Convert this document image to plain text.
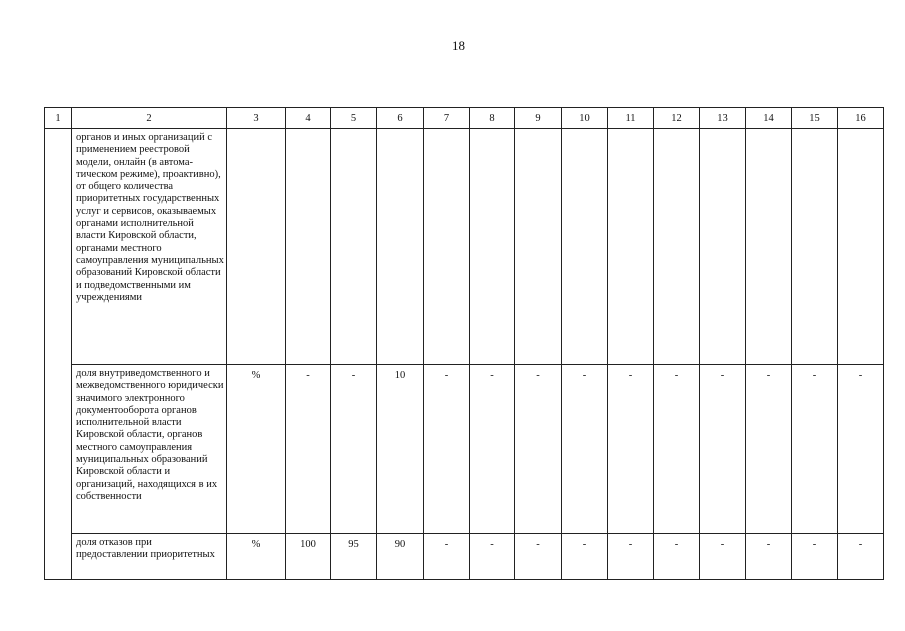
18
1	2	3	4	5	6	7	8	9	10	11	12	13	14	15	16
	органов и иных организаций с применением реестровой модели, онлайн (в автома-тическом режиме), проактивно), от общего количества приоритетных государственных услуг и сервисов, оказываемых органами исполнительной власти Кировской области, органами местного самоуправления муниципальных образований Кировской области и подведомственными им учреждениями														
	доля внутриведомственного и межведомственного юридически значимого электронного документооборота органов исполнительной власти Кировской области, органов местного самоуправления муниципальных образований Кировской области и организаций, находящихся в их собственности	%	-	-	10	-	-	-	-	-	-	-	-	-	-
	доля отказов при предоставлении приоритетных	%	100	95	90	-	-	-	-	-	-	-	-	-	-
